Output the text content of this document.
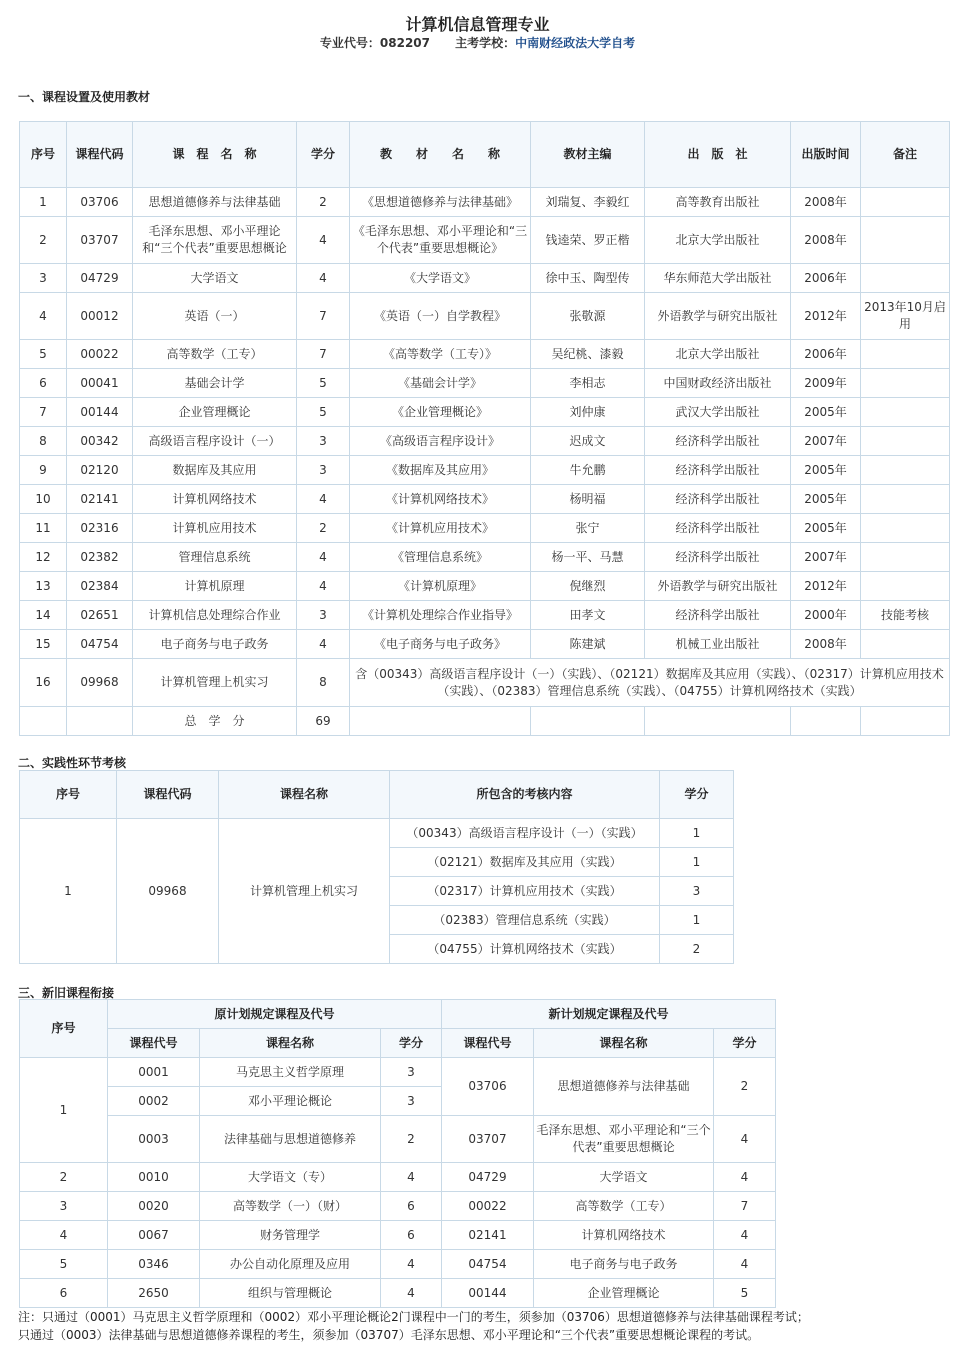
计算机信息管理专业
专业代号：082207 主考学校：中南财经政法大学自考
一、课程设置及使用教材
序号	课程代码	课　程　名　称	学分	教　　材　　名　　称	教材主编	出　版　社	出版时间	备注
1	03706	思想道德修养与法律基础	2	《思想道德修养与法律基础》	刘瑞复、李毅红	高等教育出版社	2008年	
2	03707	毛泽东思想、邓小平理论和“三个代表”重要思想概论	4	《毛泽东思想、邓小平理论和“三个代表”重要思想概论》	钱逵荣、罗正楷	北京大学出版社	2008年	
3	04729	大学语文	4	《大学语文》	徐中玉、陶型传	华东师范大学出版社	2006年	
4	00012	英语（一）	7	《英语（一）自学教程》	张敬源	外语教学与研究出版社	2012年	2013年10月启用
5	00022	高等数学（工专）	7	《高等数学（工专）》	吴纪桃、漆毅	北京大学出版社	2006年	
6	00041	基础会计学	5	《基础会计学》	李相志	中国财政经济出版社	2009年	
7	00144	企业管理概论	5	《企业管理概论》	刘仲康	武汉大学出版社	2005年	
8	00342	高级语言程序设计（一）	3	《高级语言程序设计》	迟成文	经济科学出版社	2007年	
9	02120	数据库及其应用	3	《数据库及其应用》	牛允鹏	经济科学出版社	2005年	
10	02141	计算机网络技术	4	《计算机网络技术》	杨明福	经济科学出版社	2005年	
11	02316	计算机应用技术	2	《计算机应用技术》	张宁	经济科学出版社	2005年	
12	02382	管理信息系统	4	《管理信息系统》	杨一平、马慧	经济科学出版社	2007年	
13	02384	计算机原理	4	《计算机原理》	倪继烈	外语教学与研究出版社	2012年	
14	02651	计算机信息处理综合作业	3	《计算机处理综合作业指导》	田孝文	经济科学出版社	2000年	技能考核
15	04754	电子商务与电子政务	4	《电子商务与电子政务》	陈建斌	机械工业出版社	2008年	
16	09968	计算机管理上机实习	8	含（00343）高级语言程序设计（一）（实践）、（02121）数据库及其应用（实践）、（02317）计算机应用技术（实践）、（02383）管理信息系统（实践）、（04755）计算机网络技术（实践）				
		总　学　分	69					
二、实践性环节考核
序号	课程代码	课程名称	所包含的考核内容	学分
1	09968	计算机管理上机实习	（00343）高级语言程序设计（一）（实践）	1
			（02121）数据库及其应用（实践）	1
			（02317）计算机应用技术（实践）	3
			（02383）管理信息系统（实践）	1
			（04755）计算机网络技术（实践）	2
三、新旧课程衔接
序号	原计划规定课程及代号			新计划规定课程及代号		
	课程代号	课程名称	学分	课程代号	课程名称	学分
1	0001	马克思主义哲学原理	3	03706	思想道德修养与法律基础	2
	0002	邓小平理论概论	3			
	0003	法律基础与思想道德修养	2	03707	毛泽东思想、邓小平理论和“三个代表”重要思想概论	4
2	0010	大学语文（专）	4	04729	大学语文	4
3	0020	高等数学（一）（财）	6	00022	高等数学（工专）	7
4	0067	财务管理学	6	02141	计算机网络技术	4
5	0346	办公自动化原理及应用	4	04754	电子商务与电子政务	4
6	2650	组织与管理概论	4	00144	企业管理概论	5
注：只通过（0001）马克思主义哲学原理和（0002）邓小平理论概论2门课程中一门的考生，须参加（03706）思想道德修养与法律基础课程考试；
只通过（0003）法律基础与思想道德修养课程的考生，须参加（03707）毛泽东思想、邓小平理论和“三个代表”重要思想概论课程的考试。
